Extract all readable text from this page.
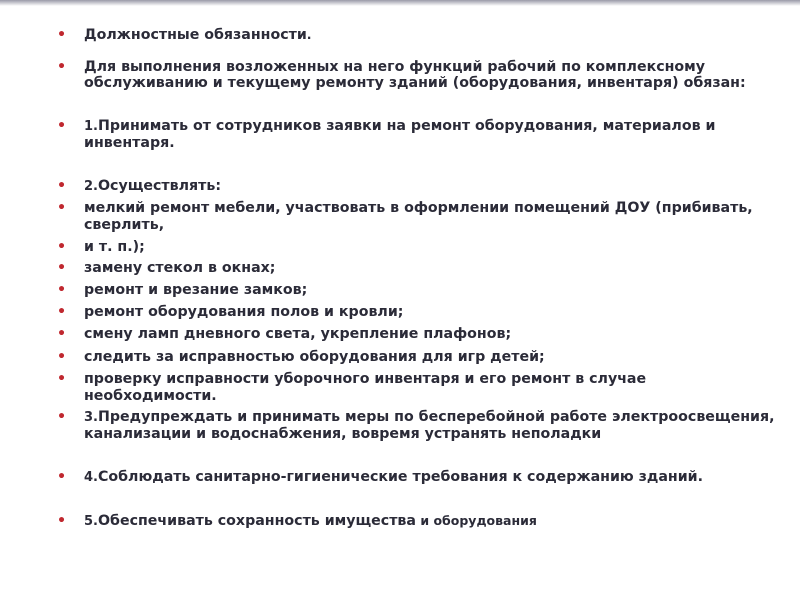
• Должностные обязанности.
• Для выполнения возложенных на него функций рабочий по комплексному обслуживанию и текущему ремонту зданий (оборудования, инвентаря) обязан:
• 1.Принимать от сотрудников заявки на ремонт оборудования, материалов и инвентаря.
• 2.Осуществлять:
• мелкий ремонт мебели, участвовать в оформлении помещений ДОУ (прибивать, сверлить,
• и т. п.);
• замену стекол в окнах;
• ремонт и врезание замков;
• ремонт оборудования полов и кровли;
• смену ламп дневного света, укрепление плафонов;
• следить за исправностью оборудования для игр детей;
• проверку исправности уборочного инвентаря и его ремонт в случае необходимости.
• 3.Предупреждать и принимать меры по бесперебойной работе электроосвещения, канализации и водоснабжения, вовремя устранять неполадки
• 4.Соблюдать санитарно-гигиенические требования к содержанию зданий.
• 5.Обеспечивать сохранность имущества и оборудования
